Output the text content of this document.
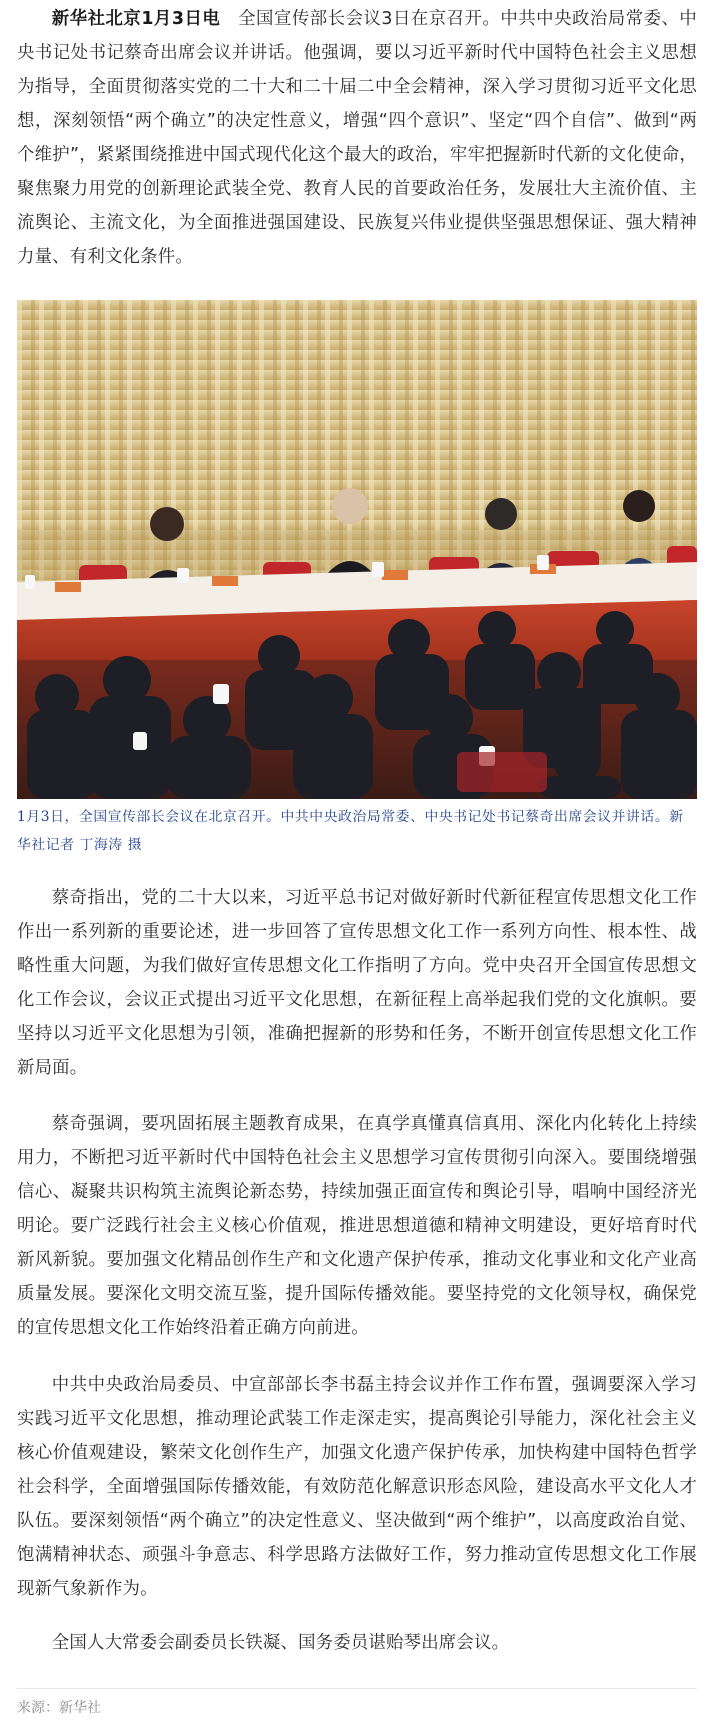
新华社北京1月3日电　全国宣传部长会议3日在京召开。中共中央政治局常委、中央书记处书记蔡奇出席会议并讲话。他强调，要以习近平新时代中国特色社会主义思想为指导，全面贯彻落实党的二十大和二十届二中全会精神，深入学习贯彻习近平文化思想，深刻领悟“两个确立”的决定性意义，增强“四个意识”、坚定“四个自信”、做到“两个维护”，紧紧围绕推进中国式现代化这个最大的政治，牢牢把握新时代新的文化使命，聚焦聚力用党的创新理论武装全党、教育人民的首要政治任务，发展壮大主流价值、主流舆论、主流文化，为全面推进强国建设、民族复兴伟业提供坚强思想保证、强大精神力量、有利文化条件。

1月3日，全国宣传部长会议在北京召开。中共中央政治局常委、中央书记处书记蔡奇出席会议并讲话。新华社记者 丁海涛 摄

蔡奇指出，党的二十大以来，习近平总书记对做好新时代新征程宣传思想文化工作作出一系列新的重要论述，进一步回答了宣传思想文化工作一系列方向性、根本性、战略性重大问题，为我们做好宣传思想文化工作指明了方向。党中央召开全国宣传思想文化工作会议，会议正式提出习近平文化思想，在新征程上高举起我们党的文化旗帜。要坚持以习近平文化思想为引领，准确把握新的形势和任务，不断开创宣传思想文化工作新局面。

蔡奇强调，要巩固拓展主题教育成果，在真学真懂真信真用、深化内化转化上持续用力，不断把习近平新时代中国特色社会主义思想学习宣传贯彻引向深入。要围绕增强信心、凝聚共识构筑主流舆论新态势，持续加强正面宣传和舆论引导，唱响中国经济光明论。要广泛践行社会主义核心价值观，推进思想道德和精神文明建设，更好培育时代新风新貌。要加强文化精品创作生产和文化遗产保护传承，推动文化事业和文化产业高质量发展。要深化文明交流互鉴，提升国际传播效能。要坚持党的文化领导权，确保党的宣传思想文化工作始终沿着正确方向前进。

中共中央政治局委员、中宣部部长李书磊主持会议并作工作布置，强调要深入学习实践习近平文化思想，推动理论武装工作走深走实，提高舆论引导能力，深化社会主义核心价值观建设，繁荣文化创作生产，加强文化遗产保护传承，加快构建中国特色哲学社会科学，全面增强国际传播效能，有效防范化解意识形态风险，建设高水平文化人才队伍。要深刻领悟“两个确立”的决定性意义、坚决做到“两个维护”，以高度政治自觉、饱满精神状态、顽强斗争意志、科学思路方法做好工作，努力推动宣传思想文化工作展现新气象新作为。

全国人大常委会副委员长铁凝、国务委员谌贻琴出席会议。

来源：新华社
